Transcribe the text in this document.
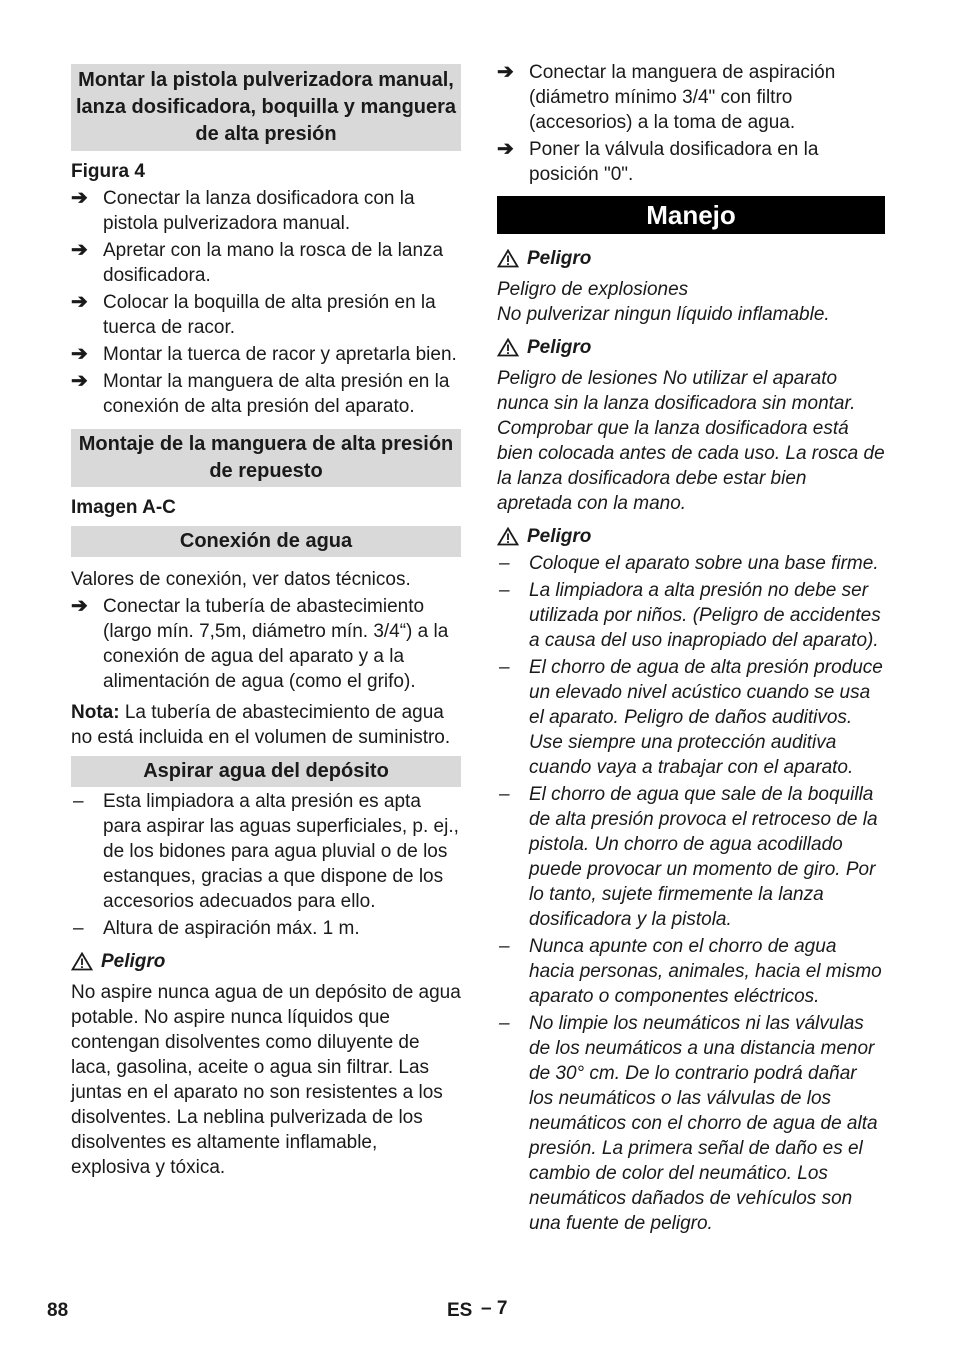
Montar la pistola pulverizadora manual, lanza dosificadora, boquilla y manguera de alta presión
Figura 4
➔ Conectar la lanza dosificadora con la pistola pulverizadora manual.
➔ Apretar con la mano la rosca de la lanza dosificadora.
➔ Colocar la boquilla de alta presión en la tuerca de racor.
➔ Montar la tuerca de racor y apretarla bien.
➔ Montar la manguera de alta presión en la conexión de alta presión del aparato.
Montaje de la manguera de alta presión de repuesto
Imagen A-C
Conexión de agua

Valores de conexión, ver datos técnicos.

➔ Conectar la tubería de abastecimiento (largo mín. 7,5m, diámetro mín. 3/4“) a la conexión de agua del aparato y a la alimentación de agua (como el grifo).

Nota: La tubería de abastecimiento de agua no está incluida en el volumen de suministro.

Aspirar agua del depósito
– Esta limpiadora a alta presión es apta para aspirar las aguas superficiales, p. ej., de los bidones para agua pluvial o de los estanques, gracias a que dispone de los accesorios adecuados para ello.
– Altura de aspiración máx. 1 m.
Peligro

No aspire nunca agua de un depósito de agua potable. No aspire nunca líquidos que contengan disolventes como diluyente de laca, gasolina, aceite o agua sin filtrar. Las juntas en el aparato no son resistentes a los disolventes. La neblina pulverizada de los disolventes es altamente inflamable, explosiva y tóxica.

➔ Conectar la manguera de aspiración (diámetro mínimo 3/4" con filtro (accesorios) a la toma de agua.
➔ Poner la válvula dosificadora en la posición "0".
Manejo
Peligro

Peligro de explosiones

No pulverizar ningun líquido inflamable.

Peligro

Peligro de lesiones No utilizar el aparato nunca sin la lanza dosificadora sin montar. Comprobar que la lanza dosificadora está bien colocada antes de cada uso. La rosca de la lanza dosificadora debe estar bien apretada con la mano.

Peligro
– Coloque el aparato sobre una base firme.
– La limpiadora a alta presión no debe ser utilizada por niños. (Peligro de accidentes a causa del uso inapropiado del aparato).
– El chorro de agua de alta presión produce un elevado nivel acústico cuando se usa el aparato. Peligro de daños auditivos. Use siempre una protección auditiva cuando vaya a trabajar con el aparato.
– El chorro de agua que sale de la boquilla de alta presión provoca el retroceso de la pistola. Un chorro de agua acodillado puede provocar un momento de giro. Por lo tanto, sujete firmemente la lanza dosificadora y la pistola.
– Nunca apunte con el chorro de agua hacia personas, animales, hacia el mismo aparato o componentes eléctricos.
– No limpie los neumáticos ni las válvulas de los neumáticos a una distancia menor de 30° cm. De lo contrario podrá dañar los neumáticos o las válvulas de los neumáticos con el chorro de agua de alta presión. La primera señal de daño es el cambio de color del neumático. Los neumáticos dañados de vehículos son una fuente de peligro.
88	ES – 7
